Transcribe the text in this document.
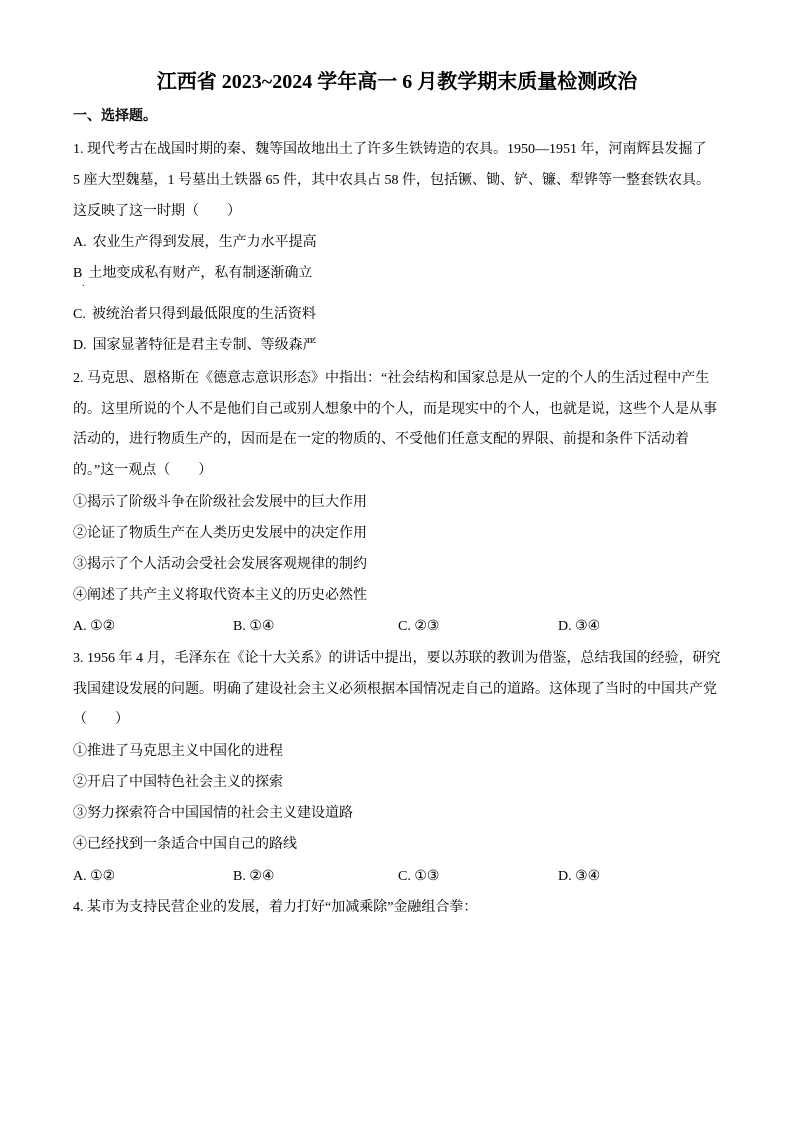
江西省 2023~2024 学年高一 6 月教学期末质量检测政治
一、选择题。
1. 现代考古在战国时期的秦、魏等国故地出土了许多生铁铸造的农具。1950—1951 年，河南辉县发掘了
5 座大型魏墓，1 号墓出土铁器 65 件，其中农具占 58 件，包括镢、锄、铲、镰、犁铧等一整套铁农具。
这反映了这一时期（　　）
A. 农业生产得到发展，生产力水平提高
B 土地变成私有财产，私有制逐渐确立
.
C. 被统治者只得到最低限度的生活资料
D. 国家显著特征是君主专制、等级森严
2. 马克思、恩格斯在《德意志意识形态》中指出：“社会结构和国家总是从一定的个人的生活过程中产生
的。这里所说的个人不是他们自己或别人想象中的个人，而是现实中的个人，也就是说，这些个人是从事
活动的，进行物质生产的，因而是在一定的物质的、不受他们任意支配的界限、前提和条件下活动着
的。”这一观点（　　）
①揭示了阶级斗争在阶级社会发展中的巨大作用
②论证了物质生产在人类历史发展中的决定作用
③揭示了个人活动会受社会发展客观规律的制约
④阐述了共产主义将取代资本主义的历史必然性
A. ①②	B. ①④	C. ②③	D. ③④
3. 1956 年 4 月，毛泽东在《论十大关系》的讲话中提出，要以苏联的教训为借鉴，总结我国的经验，研究
我国建设发展的问题。明确了建设社会主义必须根据本国情况走自己的道路。这体现了当时的中国共产党
（　　）
①推进了马克思主义中国化的进程
②开启了中国特色社会主义的探索
③努力探索符合中国国情的社会主义建设道路
④已经找到一条适合中国自己的路线
A. ①②	B. ②④	C. ①③	D. ③④
4. 某市为支持民营企业的发展，着力打好“加减乘除”金融组合拳：
